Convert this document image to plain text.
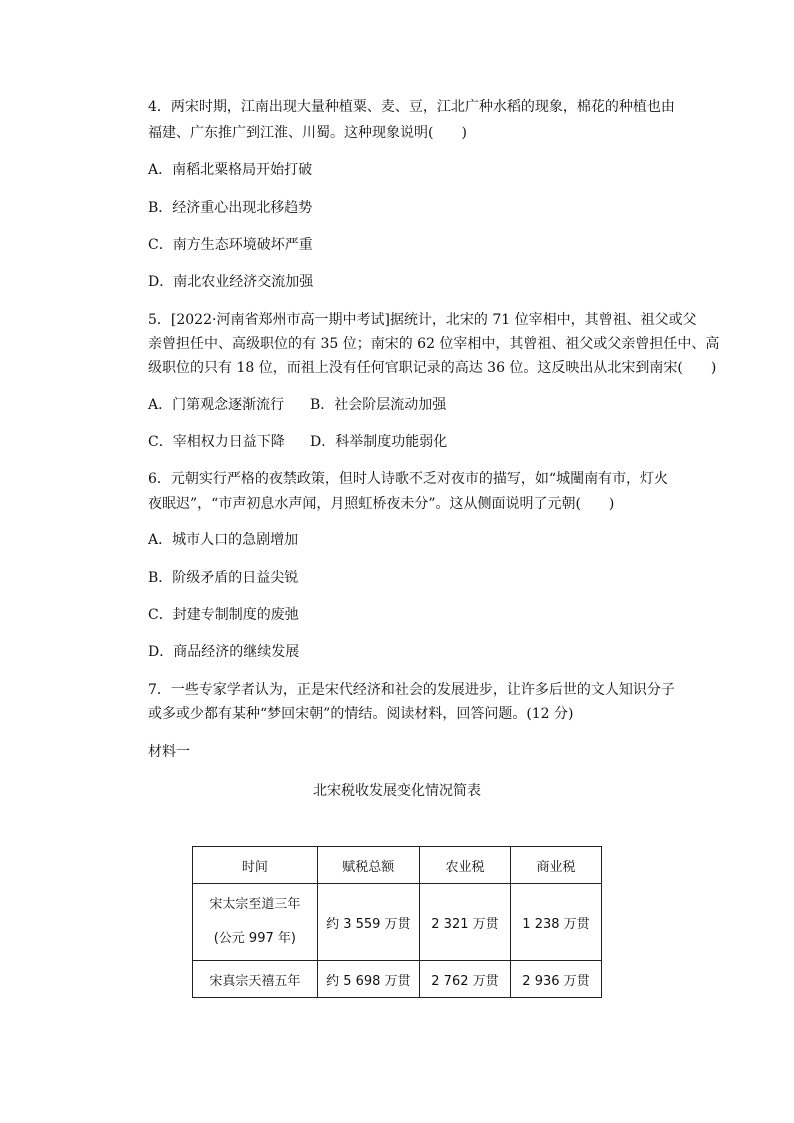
4．两宋时期，江南出现大量种植粟、麦、豆，江北广种水稻的现象，棉花的种植也由
福建、广东推广到江淮、川蜀。这种现象说明(　　)
A．南稻北粟格局开始打破
B．经济重心出现北移趋势
C．南方生态环境破坏严重
D．南北农业经济交流加强
5．[2022·河南省郑州市高一期中考试]据统计，北宋的 71 位宰相中，其曾祖、祖父或父
亲曾担任中、高级职位的有 35 位；南宋的 62 位宰相中，其曾祖、祖父或父亲曾担任中、高
级职位的只有 18 位，而祖上没有任何官职记录的高达 36 位。这反映出从北宋到南宋(　　)
A．门第观念逐渐流行 B．社会阶层流动加强
C．宰相权力日益下降 D．科举制度功能弱化
6．元朝实行严格的夜禁政策，但时人诗歌不乏对夜市的描写，如“城闉南有市，灯火
夜眠迟”，“市声初息水声闻，月照虹桥夜未分”。这从侧面说明了元朝(　　)
A．城市人口的急剧增加
B．阶级矛盾的日益尖锐
C．封建专制制度的废弛
D．商品经济的继续发展
7．一些专家学者认为，正是宋代经济和社会的发展进步，让许多后世的文人知识分子
或多或少都有某种“梦回宋朝”的情结。阅读材料，回答问题。(12 分)
材料一
北宋税收发展变化情况简表
时间	赋税总额	农业税	商业税

宋太宗至道三年
(公元 997 年)	约 3 559 万贯	2 321 万贯	1 238 万贯
宋真宗天禧五年	约 5 698 万贯	2 762 万贯	2 936 万贯
